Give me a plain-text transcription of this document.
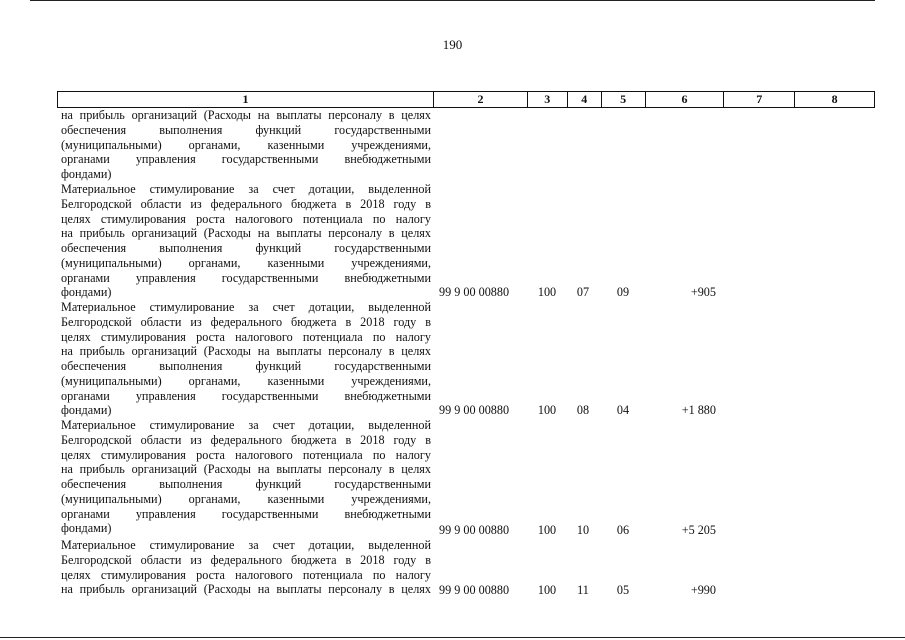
190
1	2	3	4	5	6	7	8
на прибыль организаций (Расходы на выплаты персоналу в целях
обеспечения выполнения функций государственными
(муниципальными) органами, казенными учреждениями,
органами управления государственными внебюджетными
фондами)
Материальное стимулирование за счет дотации, выделенной
Белгородской области из федерального бюджета в 2018 году в
целях стимулирования роста налогового потенциала по налогу
на прибыль организаций (Расходы на выплаты персоналу в целях
обеспечения выполнения функций государственными
(муниципальными) органами, казенными учреждениями,
органами управления государственными внебюджетными
фондами)	99 9 00 00880	100	07	09	+905
Материальное стимулирование за счет дотации, выделенной
Белгородской области из федерального бюджета в 2018 году в
целях стимулирования роста налогового потенциала по налогу
на прибыль организаций (Расходы на выплаты персоналу в целях
обеспечения выполнения функций государственными
(муниципальными) органами, казенными учреждениями,
органами управления государственными внебюджетными
фондами)	99 9 00 00880	100	08	04	+1 880
Материальное стимулирование за счет дотации, выделенной
Белгородской области из федерального бюджета в 2018 году в
целях стимулирования роста налогового потенциала по налогу
на прибыль организаций (Расходы на выплаты персоналу в целях
обеспечения выполнения функций государственными
(муниципальными) органами, казенными учреждениями,
органами управления государственными внебюджетными
фондами)	99 9 00 00880	100	10	06	+5 205
Материальное стимулирование за счет дотации, выделенной
Белгородской области из федерального бюджета в 2018 году в
целях стимулирования роста налогового потенциала по налогу
на прибыль организаций (Расходы на выплаты персоналу в целях 99 9 00 00880	100	11	05	+990
